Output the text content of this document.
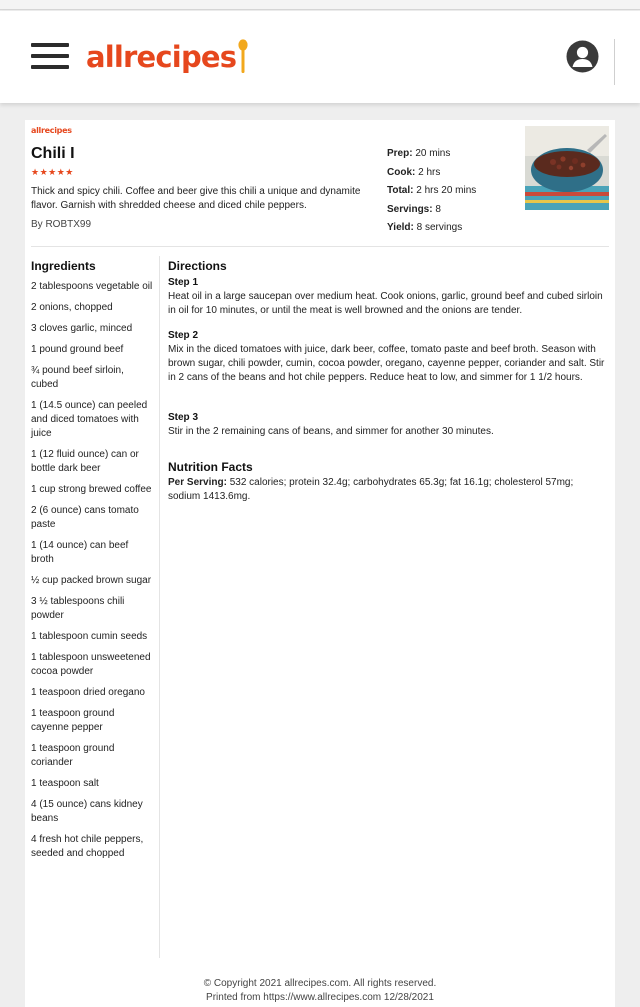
allrecipes
allrecipes
Chili I
★★★★★

Thick and spicy chili. Coffee and beer give this chili a unique and dynamite flavor. Garnish with shredded cheese and diced chile peppers.

By ROBTX99
Prep: 20 mins
Cook: 2 hrs
Total: 2 hrs 20 mins
Servings: 8
Yield: 8 servings
Ingredients
2 tablespoons vegetable oil
2 onions, chopped
3 cloves garlic, minced
1 pound ground beef
¾ pound beef sirloin, cubed
1 (14.5 ounce) can peeled and diced tomatoes with juice
1 (12 fluid ounce) can or bottle dark beer
1 cup strong brewed coffee
2 (6 ounce) cans tomato paste
1 (14 ounce) can beef broth
½ cup packed brown sugar
3 ½ tablespoons chili powder
1 tablespoon cumin seeds
1 tablespoon unsweetened cocoa powder
1 teaspoon dried oregano
1 teaspoon ground cayenne pepper
1 teaspoon ground coriander
1 teaspoon salt
4 (15 ounce) cans kidney beans
4 fresh hot chile peppers, seeded and chopped
Directions
Step 1

Heat oil in a large saucepan over medium heat. Cook onions, garlic, ground beef and cubed sirloin in oil for 10 minutes, or until the meat is well browned and the onions are tender.

Step 2

Mix in the diced tomatoes with juice, dark beer, coffee, tomato paste and beef broth. Season with brown sugar, chili powder, cumin, cocoa powder, oregano, cayenne pepper, coriander and salt. Stir in 2 cans of the beans and hot chile peppers. Reduce heat to low, and simmer for 1 1/2 hours.

Step 3

Stir in the 2 remaining cans of beans, and simmer for another 30 minutes.

Nutrition Facts

Per Serving: 532 calories; protein 32.4g; carbohydrates 65.3g; fat 16.1g; cholesterol 57mg; sodium 1413.6mg.

© Copyright 2021 allrecipes.com. All rights reserved.
Printed from https://www.allrecipes.com 12/28/2021
